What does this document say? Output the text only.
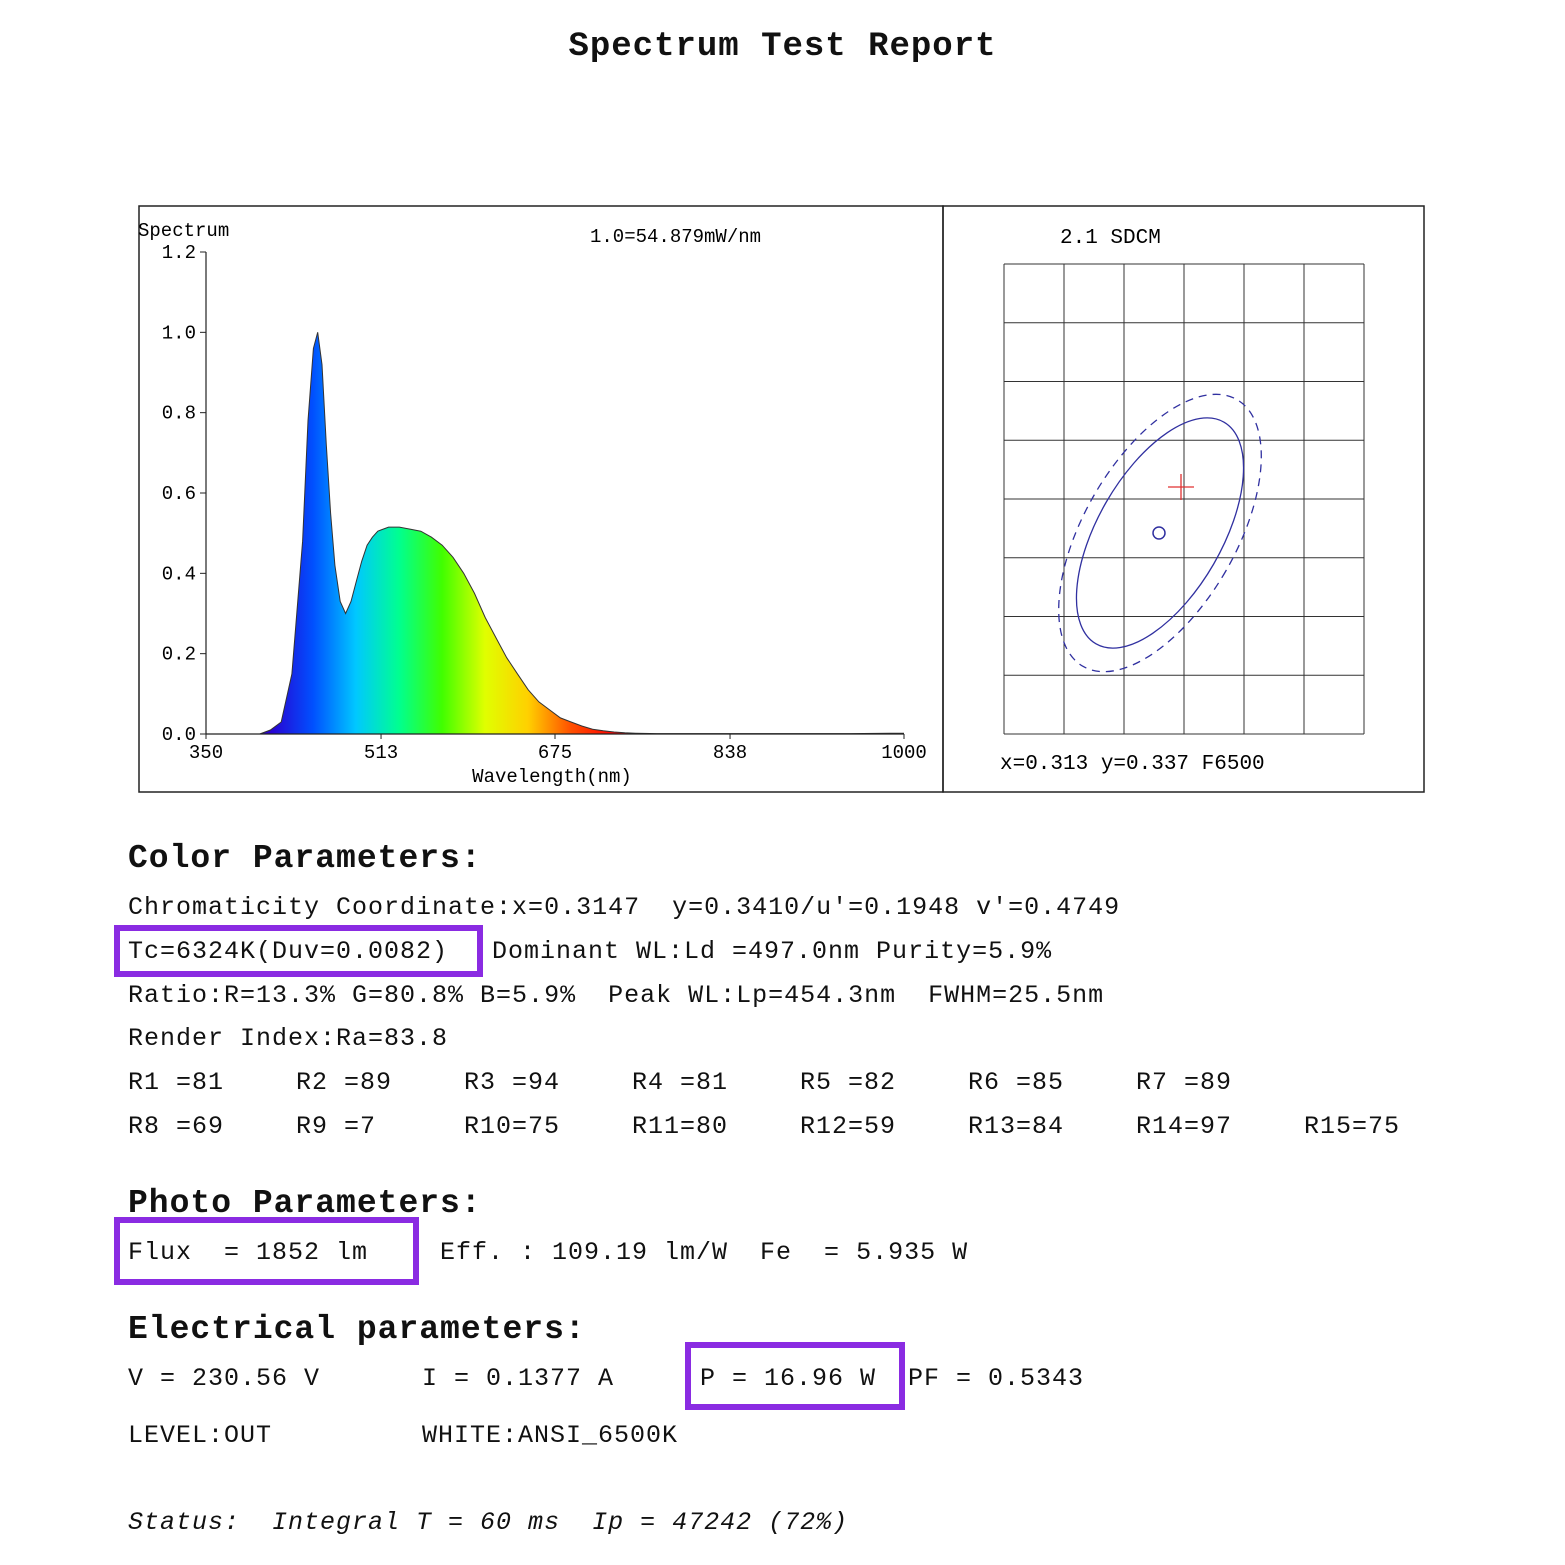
Spectrum Test Report
Spectrum	1.0=54.879mW/nm
0.0
0.2
0.4
0.6
0.8
1.0
1.2
350	513	675	838	1000
Wavelength(nm)
2.1 SDCM
x=0.313 y=0.337 F6500
Color Parameters:
Chromaticity Coordinate:x=0.3147  y=0.3410/u'=0.1948 v'=0.4749
Tc=6324K(Duv=0.0082) Dominant WL:Ld =497.0nm Purity=5.9%
Ratio:R=13.3% G=80.8% B=5.9%  Peak WL:Lp=454.3nm  FWHM=25.5nm
Render Index:Ra=83.8
R1 =81	R2 =89	R3 =94	R4 =81	R5 =82	R6 =85	R7 =89
R8 =69	R9 =7	R10=75	R11=80	R12=59	R13=84	R14=97	R15=75
Photo Parameters:
Flux  = 1852 lm	Eff. : 109.19 lm/W  Fe  = 5.935 W
Electrical parameters:
V = 230.56 V	I = 0.1377 A	P = 16.96 W PF = 0.5343
LEVEL:OUT	WHITE:ANSI_6500K
Status:  Integral T = 60 ms  Ip = 47242 (72%)
